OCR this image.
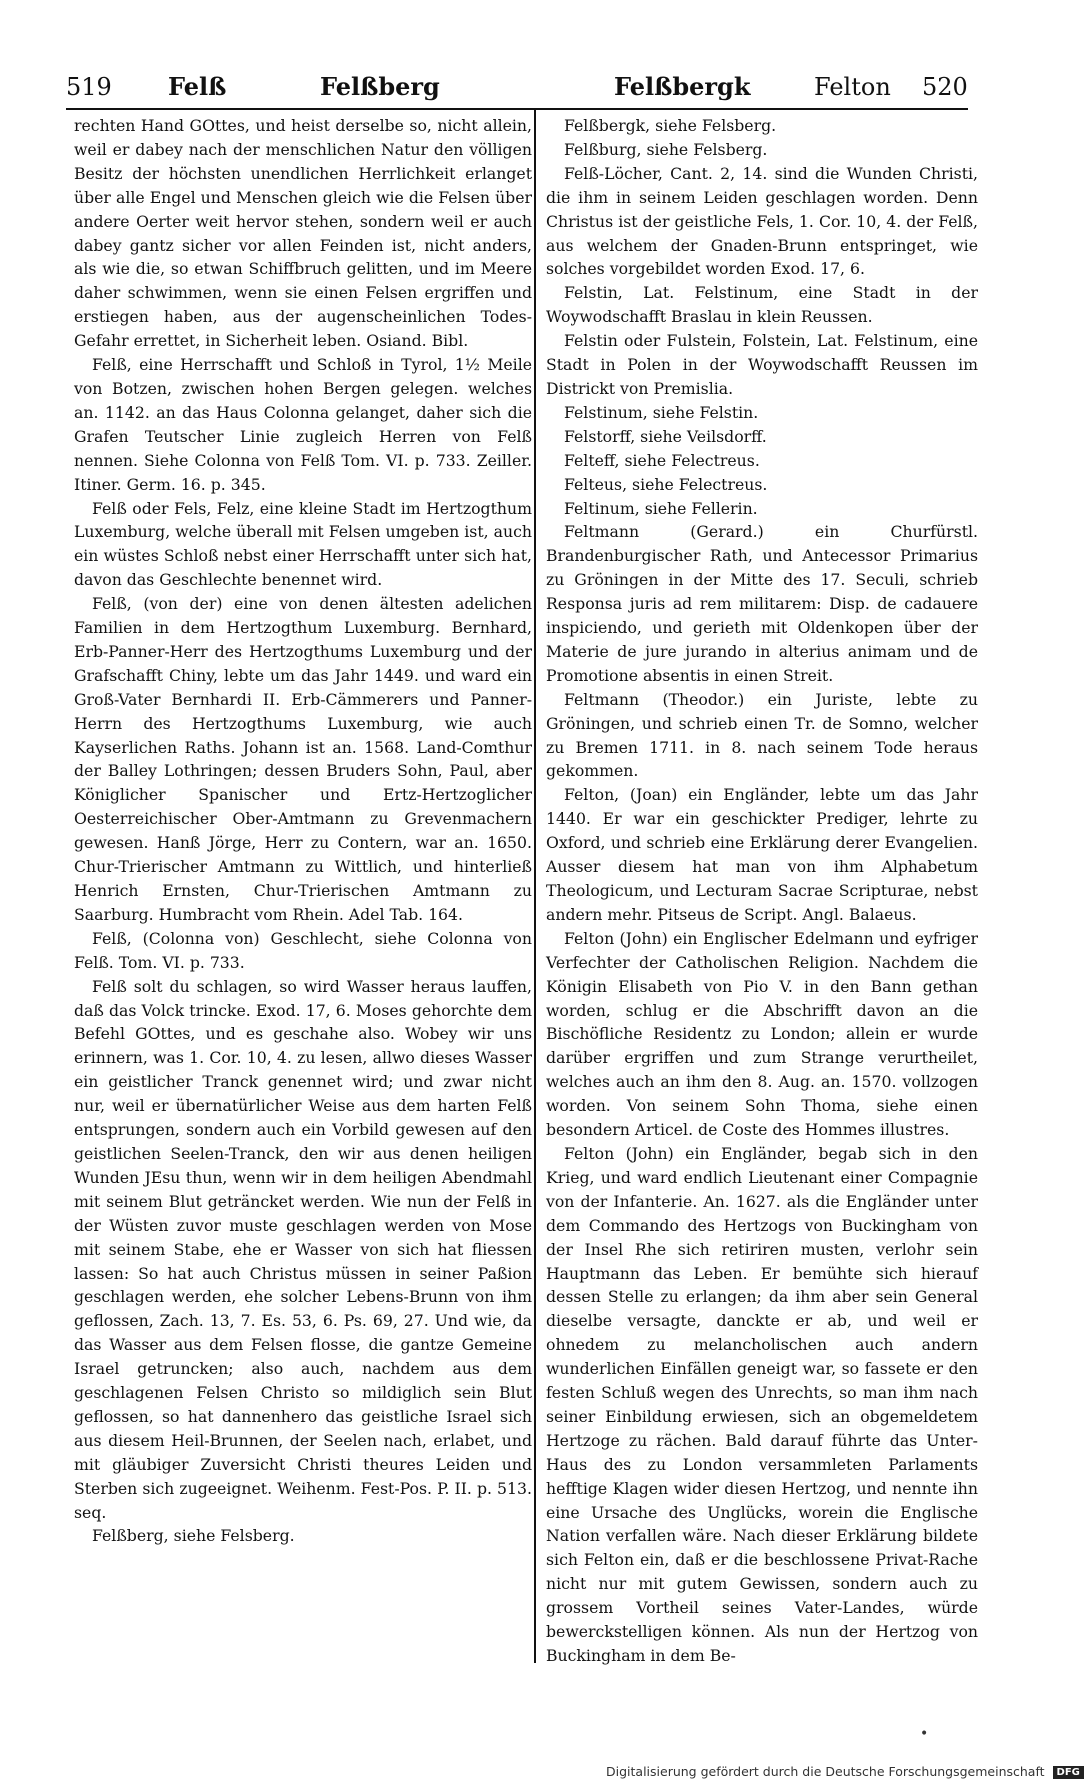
519 Felß	Felßberg	Felßbergk	Felton 520

rechten Hand GOttes, und heist derselbe so, nicht allein, weil er dabey nach der menschlichen Natur den völligen Besitz der höchsten unendlichen Herrlichkeit erlanget über alle Engel und Menschen gleich wie die Felsen über andere Oerter weit hervor stehen, sondern weil er auch dabey gantz sicher vor allen Feinden ist, nicht anders, als wie die, so etwan Schiffbruch gelitten, und im Meere daher schwimmen, wenn sie einen Felsen ergriffen und erstiegen haben, aus der augenscheinlichen Todes-Gefahr errettet, in Sicherheit leben. Osiand. Bibl.

Felß, eine Herrschafft und Schloß in Tyrol, 1½ Meile von Botzen, zwischen hohen Bergen gelegen. welches an. 1142. an das Haus Colonna gelanget, daher sich die Grafen Teutscher Linie zugleich Herren von Felß nennen. Siehe Colonna von Felß Tom. VI. p. 733. Zeiller. Itiner. Germ. 16. p. 345.

Felß oder Fels, Felz, eine kleine Stadt im Hertzogthum Luxemburg, welche überall mit Felsen umgeben ist, auch ein wüstes Schloß nebst einer Herrschafft unter sich hat, davon das Geschlechte benennet wird.

Felß, (von der) eine von denen ältesten adelichen Familien in dem Hertzogthum Luxemburg. Bernhard, Erb-Panner-Herr des Hertzogthums Luxemburg und der Grafschafft Chiny, lebte um das Jahr 1449. und ward ein Groß-Vater Bernhardi II. Erb-Cämmerers und Panner-Herrn des Hertzogthums Luxemburg, wie auch Kayserlichen Raths. Johann ist an. 1568. Land-Comthur der Balley Lothringen; dessen Bruders Sohn, Paul, aber Königlicher Spanischer und Ertz-Hertzoglicher Oesterreichischer Ober-Amtmann zu Grevenmachern gewesen. Hanß Jörge, Herr zu Contern, war an. 1650. Chur-Trierischer Amtmann zu Wittlich, und hinterließ Henrich Ernsten, Chur-Trierischen Amtmann zu Saarburg. Humbracht vom Rhein. Adel Tab. 164.

Felß, (Colonna von) Geschlecht, siehe Colonna von Felß. Tom. VI. p. 733.

Felß solt du schlagen, so wird Wasser heraus lauffen, daß das Volck trincke. Exod. 17, 6. Moses gehorchte dem Befehl GOttes, und es geschahe also. Wobey wir uns erinnern, was 1. Cor. 10, 4. zu lesen, allwo dieses Wasser ein geistlicher Tranck genennet wird; und zwar nicht nur, weil er übernatürlicher Weise aus dem harten Felß entsprungen, sondern auch ein Vorbild gewesen auf den geistlichen Seelen-Tranck, den wir aus denen heiligen Wunden JEsu thun, wenn wir in dem heiligen Abendmahl mit seinem Blut geträncket werden. Wie nun der Felß in der Wüsten zuvor muste geschlagen werden von Mose mit seinem Stabe, ehe er Wasser von sich hat fliessen lassen: So hat auch Christus müssen in seiner Paßion geschlagen werden, ehe solcher Lebens-Brunn von ihm geflossen, Zach. 13, 7. Es. 53, 6. Ps. 69, 27. Und wie, da das Wasser aus dem Felsen flosse, die gantze Gemeine Israel getruncken; also auch, nachdem aus dem geschlagenen Felsen Christo so mildiglich sein Blut geflossen, so hat dannenhero das geistliche Israel sich aus diesem Heil-Brunnen, der Seelen nach, erlabet, und mit gläubiger Zuversicht Christi theures Leiden und Sterben sich zugeeignet. Weihenm. Fest-Pos. P. II. p. 513. seq.

Felßberg, siehe Felsberg.

Felßbergk, siehe Felsberg.

Felßburg, siehe Felsberg.

Felß-Löcher, Cant. 2, 14. sind die Wunden Christi, die ihm in seinem Leiden geschlagen worden. Denn Christus ist der geistliche Fels, 1. Cor. 10, 4. der Felß, aus welchem der Gnaden-Brunn entspringet, wie solches vorgebildet worden Exod. 17, 6.

Felstin, Lat. Felstinum, eine Stadt in der Woywodschafft Braslau in klein Reussen.

Felstin oder Fulstein, Folstein, Lat. Felstinum, eine Stadt in Polen in der Woywodschafft Reussen im Districkt von Premislia.

Felstinum, siehe Felstin.

Felstorff, siehe Veilsdorff.

Felteff, siehe Felectreus.

Felteus, siehe Felectreus.

Feltinum, siehe Fellerin.

Feltmann (Gerard.) ein Churfürstl. Brandenburgischer Rath, und Antecessor Primarius zu Gröningen in der Mitte des 17. Seculi, schrieb Responsa juris ad rem militarem: Disp. de cadauere inspiciendo, und gerieth mit Oldenkopen über der Materie de jure jurando in alterius animam und de Promotione absentis in einen Streit.

Feltmann (Theodor.) ein Juriste, lebte zu Gröningen, und schrieb einen Tr. de Somno, welcher zu Bremen 1711. in 8. nach seinem Tode heraus gekommen.

Felton, (Joan) ein Engländer, lebte um das Jahr 1440. Er war ein geschickter Prediger, lehrte zu Oxford, und schrieb eine Erklärung derer Evangelien. Ausser diesem hat man von ihm Alphabetum Theologicum, und Lecturam Sacrae Scripturae, nebst andern mehr. Pitseus de Script. Angl. Balaeus.

Felton (John) ein Englischer Edelmann und eyfriger Verfechter der Catholischen Religion. Nachdem die Königin Elisabeth von Pio V. in den Bann gethan worden, schlug er die Abschrifft davon an die Bischöfliche Residentz zu London; allein er wurde darüber ergriffen und zum Strange verurtheilet, welches auch an ihm den 8. Aug. an. 1570. vollzogen worden. Von seinem Sohn Thoma, siehe einen besondern Articel. de Coste des Hommes illustres.

Felton (John) ein Engländer, begab sich in den Krieg, und ward endlich Lieutenant einer Compagnie von der Infanterie. An. 1627. als die Engländer unter dem Commando des Hertzogs von Buckingham von der Insel Rhe sich retiriren musten, verlohr sein Hauptmann das Leben. Er bemühte sich hierauf dessen Stelle zu erlangen; da ihm aber sein General dieselbe versagte, danckte er ab, und weil er ohnedem zu melancholischen auch andern wunderlichen Einfällen geneigt war, so fassete er den festen Schluß wegen des Unrechts, so man ihm nach seiner Einbildung erwiesen, sich an obgemeldetem Hertzoge zu rächen. Bald darauf führte das Unter-Haus des zu London versammleten Parlaments hefftige Klagen wider diesen Hertzog, und nennte ihn eine Ursache des Unglücks, worein die Englische Nation verfallen wäre. Nach dieser Erklärung bildete sich Felton ein, daß er die beschlossene Privat-Rache nicht nur mit gutem Gewissen, sondern auch zu grossem Vortheil seines Vater-Landes, würde bewerckstelligen können. Als nun der Hertzog von Buckingham in dem Be-

•
Digitalisierung gefördert durch die Deutsche Forschungsgemeinschaft DFG
